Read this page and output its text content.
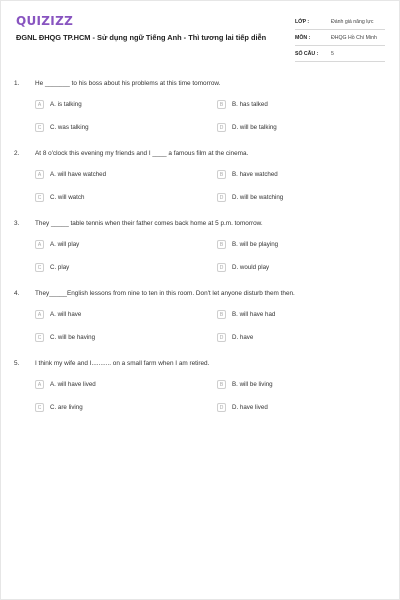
QUIZIZZ
ĐGNL ĐHQG TP.HCM - Sử dụng ngữ Tiếng Anh - Thì tương lai tiếp diễn
LỚP :	Đánh giá năng lực
MÔN :	ĐHQG Hồ Chí Minh
SỐ CÂU :	5
1. He _______ to his boss about his problems at this time tomorrow.
A	A. is talking	B	B. has talked
C	C. was talking	D	D. will be talking
2. At 8 o'clock this evening my friends and I ____ a famous film at the cinema.
A	A. will have watched	B	B. have watched
C	C. will watch	D	D. will be watching
3. They _____ table tennis when their father comes back home at 5 p.m. tomorrow.
A	A. will play	B	B. will be playing
C	C. play	D	D. would play
4. They_____English lessons from nine to ten in this room. Don't let anyone disturb them then.
A	A. will have	B	B. will have had
C	C. will be having	D	D. have
5. I think my wife and I........... on a small farm when I am retired.
A	A. will have lived	B	B. will be living
C	C. are living	D	D. have lived
